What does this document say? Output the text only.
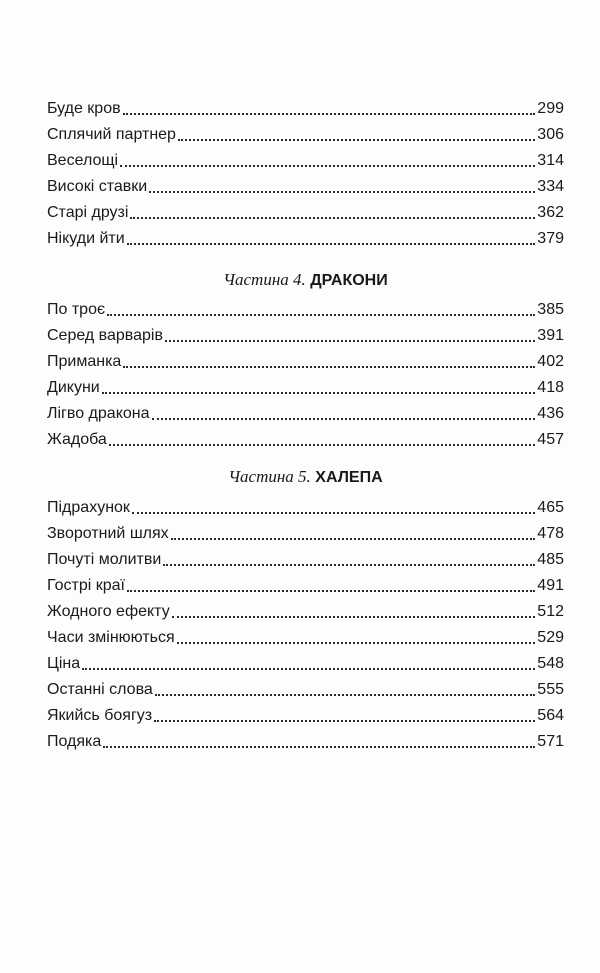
Буде кров	299
Сплячий партнер	306
Веселощі	314
Високі ставки	334
Старі друзі	362
Нікуди йти	379
Частина 4. ДРАКОНИ
По троє	385
Серед варварів	391
Приманка	402
Дикуни	418
Лігво дракона	436
Жадоба	457
Частина 5. ХАЛЕПА
Підрахунок	465
Зворотний шлях	478
Почуті молитви	485
Гострі краї	491
Жодного ефекту	512
Часи змінюються	529
Ціна	548
Останні слова	555
Якийсь боягуз	564
Подяка	571
